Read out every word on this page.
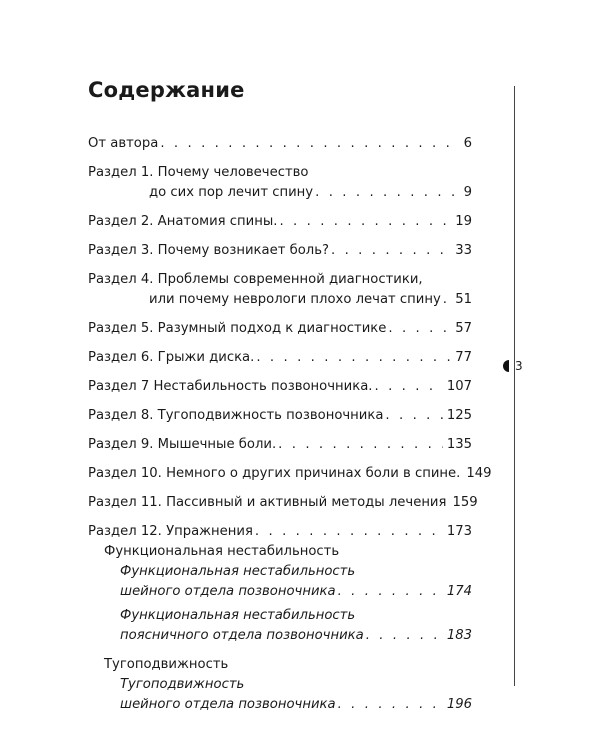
Содержание
3
От автора . . .	6
Раздел 1. Почему человечество
до сих пор лечит спину . . .	9
Раздел 2. Анатомия спины. . . .	19
Раздел 3. Почему возникает боль? . . .	33
Раздел 4. Проблемы современной диагностики,
или почему неврологи плохо лечат спину . . .	51
Раздел 5. Разумный подход к диагностике . . .	57
Раздел 6. Грыжи диска. . . .	77
Раздел 7 Нестабильность позвоночника. . . .	107
Раздел 8. Тугоподвижность позвоночника . . .	125
Раздел 9. Мышечные боли. . . .	135
Раздел 10. Немного о других причинах боли в спине. 149
Раздел 11. Пассивный и активный методы лечения 159
Раздел 12. Упражнения . . .	173
Функциональная нестабильность
Функциональная нестабильность
шейного отдела позвоночника . . .	174
Функциональная нестабильность
поясничного отдела позвоночника . . .	183
Тугоподвижность
Тугоподвижность
шейного отдела позвоночника . . .	196
